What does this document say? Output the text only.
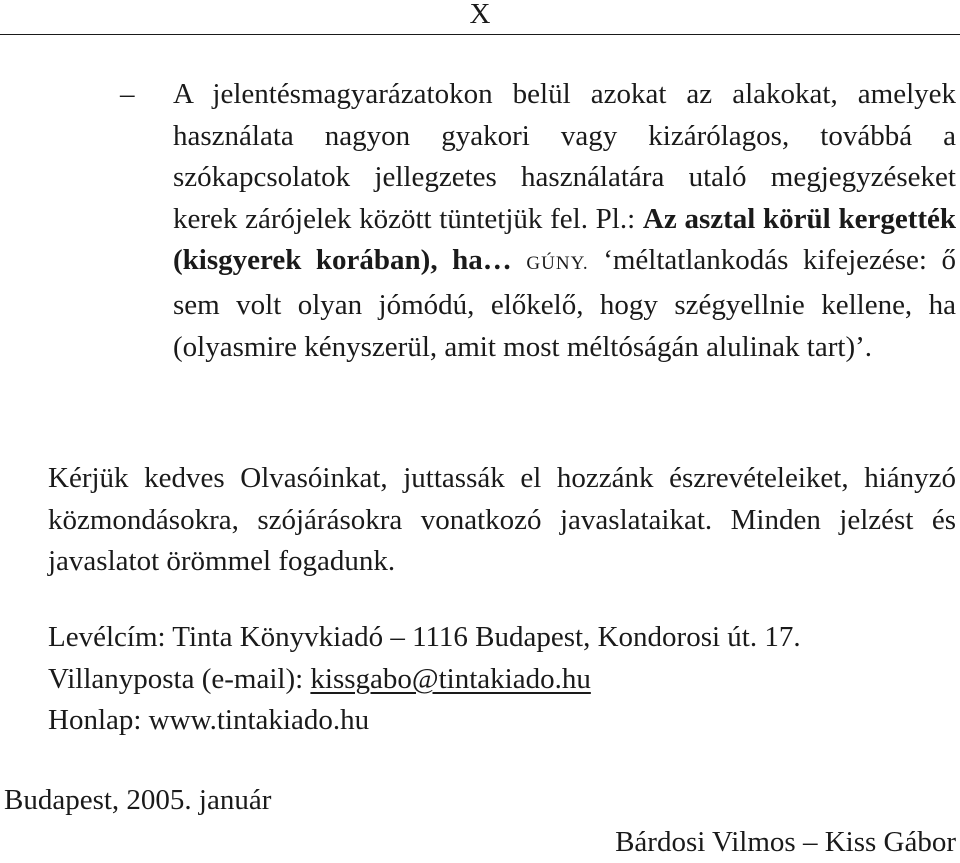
X
– A jelentésmagyarázatokon belül azokat az alakokat, amelyek használata nagyon gyakori vagy kizárólagos, továbbá a szókapcsolatok jellegzetes használatára utaló megjegyzéseket kerek zárójelek között tüntetjük fel. Pl.: Az asztal körül kergették (kisgyerek korában), ha… GÚNY. ‘méltatlankodás kifejezése: ő sem volt olyan jómódú, előkelő, hogy szégyellnie kellene, ha (olyasmire kényszerül, amit most méltóságán alulinak tart)’.
Kérjük kedves Olvasóinkat, juttassák el hozzánk észrevételeiket, hiányzó közmondásokra, szójárásokra vonatkozó javaslataikat. Minden jelzést és javaslatot örömmel fogadunk.
Levélcím: Tinta Könyvkiadó – 1116 Budapest, Kondorosi út. 17.
Villanyposta (e-mail): kissgabo@tintakiado.hu
Honlap: www.tintakiado.hu
Budapest, 2005. január
Bárdosi Vilmos – Kiss Gábor
